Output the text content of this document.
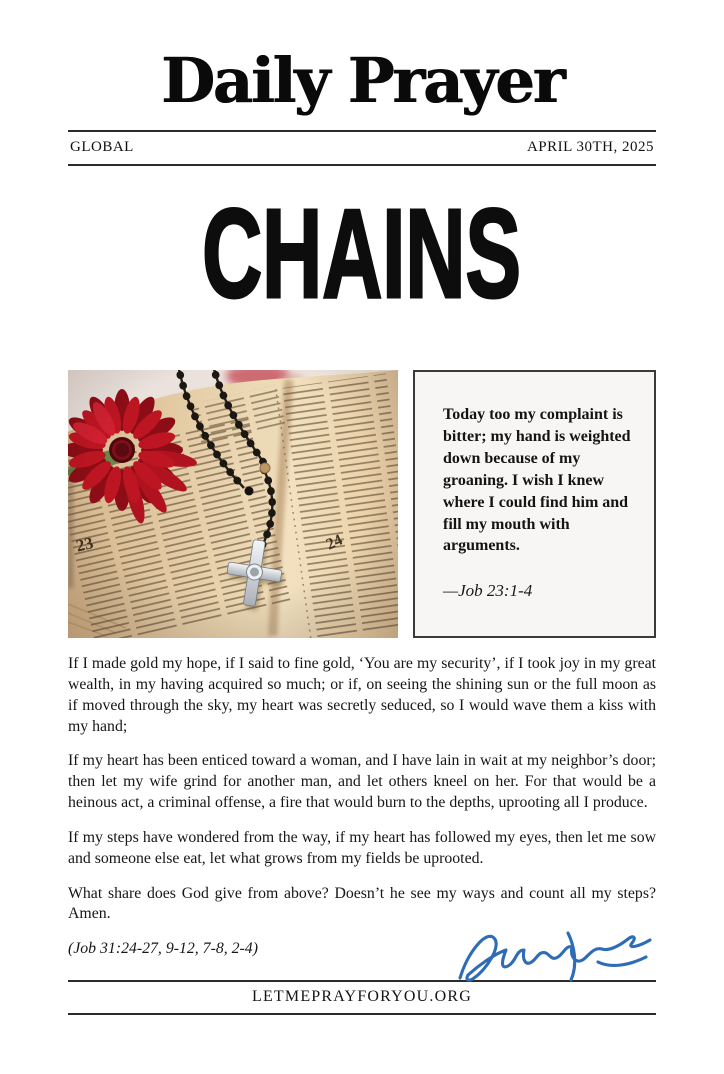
Daily Prayer
GLOBAL	APRIL 30TH, 2025
CHAINS

Today too my complaint is bitter; my hand is weighted down because of my groaning. I wish I knew where I could find him and fill my mouth with arguments.

—Job 23:1-4

If I made gold my hope, if I said to fine gold, ‘You are my security’, if I took joy in my great wealth, in my having acquired so much; or if, on seeing the shining sun or the full moon as if moved through the sky, my heart was secretly seduced, so I would wave them a kiss with my hand;

If my heart has been enticed toward a woman, and I have lain in wait at my neighbor’s door; then let my wife grind for another man, and let others kneel on her. For that would be a heinous act, a criminal offense, a fire that would burn to the depths, uprooting all I produce.

If my steps have wondered from the way, if my heart has followed my eyes, then let me sow and someone else eat, let what grows from my fields be uprooted.

What share does God give from above? Doesn’t he see my ways and count all my steps? Amen.

(Job 31:24-27, 9-12, 7-8, 2-4)

LETMEPRAYFORYOU.ORG
